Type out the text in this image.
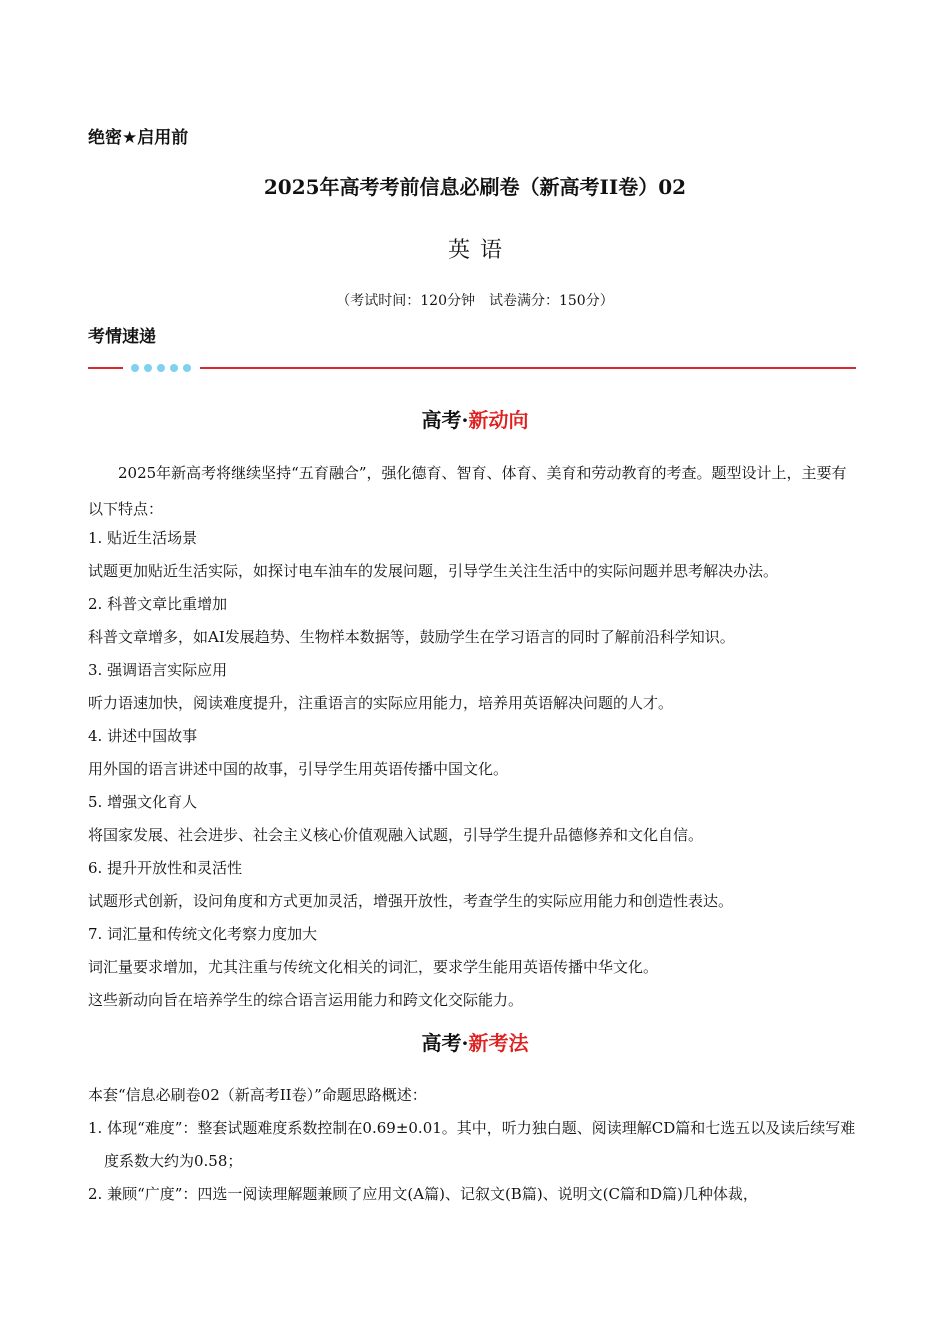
绝密★启用前
2025年高考考前信息必刷卷（新高考II卷）02
英语
（考试时间：120分钟　试卷满分：150分）
考情速递
高考·新动向

2025年新高考将继续坚持“五育融合”，强化德育、智育、体育、美育和劳动教育的考查。题型设计上，主要有以下特点：

1. 贴近生活场景

试题更加贴近生活实际，如探讨电车油车的发展问题，引导学生关注生活中的实际问题并思考解决办法。

2. 科普文章比重增加

科普文章增多，如AI发展趋势、生物样本数据等，鼓励学生在学习语言的同时了解前沿科学知识。

3. 强调语言实际应用

听力语速加快，阅读难度提升，注重语言的实际应用能力，培养用英语解决问题的人才。

4. 讲述中国故事

用外国的语言讲述中国的故事，引导学生用英语传播中国文化。

5. 增强文化育人

将国家发展、社会进步、社会主义核心价值观融入试题，引导学生提升品德修养和文化自信。

6. 提升开放性和灵活性

试题形式创新，设问角度和方式更加灵活，增强开放性，考查学生的实际应用能力和创造性表达。

7. 词汇量和传统文化考察力度加大

词汇量要求增加，尤其注重与传统文化相关的词汇，要求学生能用英语传播中华文化。

这些新动向旨在培养学生的综合语言运用能力和跨文化交际能力。

高考·新考法

本套“信息必刷卷02（新高考II卷）”命题思路概述：

1. 体现“难度”：整套试题难度系数控制在0.69±0.01。其中，听力独白题、阅读理解CD篇和七选五以及读后续写难度系数大约为0.58；

2. 兼顾“广度”：四选一阅读理解题兼顾了应用文(A篇)、记叙文(B篇)、说明文(C篇和D篇)几种体裁，
